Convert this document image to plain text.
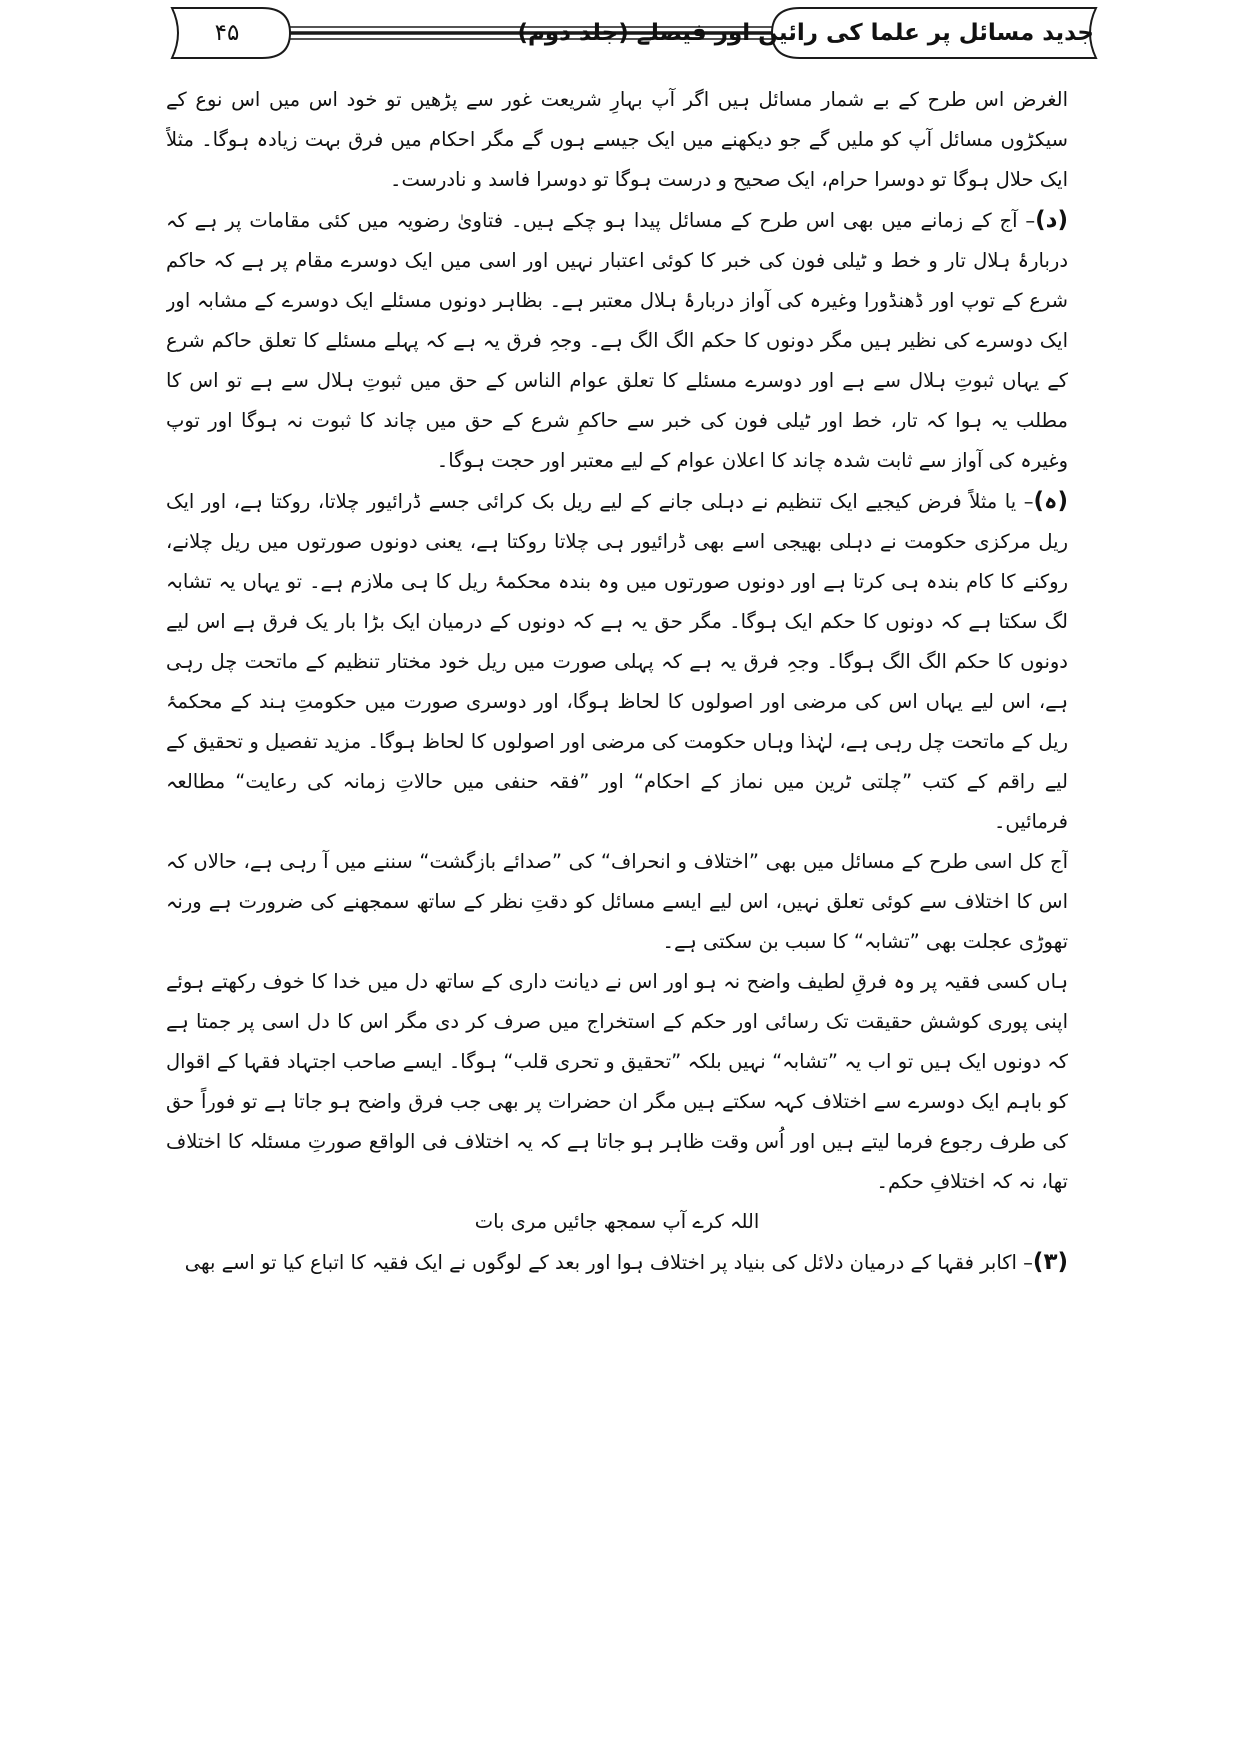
جدید مسائل پر علما کی رائیں اور فیصلے (جلد دوم)
۴۵

الغرض اس طرح کے بے شمار مسائل ہیں اگر آپ بہارِ شریعت غور سے پڑھیں تو خود اس میں اس نوع کے سیکڑوں مسائل آپ کو ملیں گے جو دیکھنے میں ایک جیسے ہوں گے مگر احکام میں فرق بہت زیادہ ہوگا۔ مثلاً ایک حلال ہوگا تو دوسرا حرام، ایک صحیح و درست ہوگا تو دوسرا فاسد و نادرست۔

(د)– آج کے زمانے میں بھی اس طرح کے مسائل پیدا ہو چکے ہیں۔ فتاویٰ رضویہ میں کئی مقامات پر ہے کہ دربارۂ ہلال تار و خط و ٹیلی فون کی خبر کا کوئی اعتبار نہیں اور اسی میں ایک دوسرے مقام پر ہے کہ حاکم شرع کے توپ اور ڈھنڈورا وغیرہ کی آواز دربارۂ ہلال معتبر ہے۔ بظاہر دونوں مسئلے ایک دوسرے کے مشابہ اور ایک دوسرے کی نظیر ہیں مگر دونوں کا حکم الگ الگ ہے۔ وجہِ فرق یہ ہے کہ پہلے مسئلے کا تعلق حاکم شرع کے یہاں ثبوتِ ہلال سے ہے اور دوسرے مسئلے کا تعلق عوام الناس کے حق میں ثبوتِ ہلال سے ہے تو اس کا مطلب یہ ہوا کہ تار، خط اور ٹیلی فون کی خبر سے حاکمِ شرع کے حق میں چاند کا ثبوت نہ ہوگا اور توپ وغیرہ کی آواز سے ثابت شدہ چاند کا اعلان عوام کے لیے معتبر اور حجت ہوگا۔

(ہ)– یا مثلاً فرض کیجیے ایک تنظیم نے دہلی جانے کے لیے ریل بک کرائی جسے ڈرائیور چلاتا، روکتا ہے، اور ایک ریل مرکزی حکومت نے دہلی بھیجی اسے بھی ڈرائیور ہی چلاتا روکتا ہے، یعنی دونوں صورتوں میں ریل چلانے، روکنے کا کام بندہ ہی کرتا ہے اور دونوں صورتوں میں وہ بندہ محکمۂ ریل کا ہی ملازم ہے۔ تو یہاں یہ تشابہ لگ سکتا ہے کہ دونوں کا حکم ایک ہوگا۔ مگر حق یہ ہے کہ دونوں کے درمیان ایک بڑا بار یک فرق ہے اس لیے دونوں کا حکم الگ الگ ہوگا۔ وجہِ فرق یہ ہے کہ پہلی صورت میں ریل خود مختار تنظیم کے ماتحت چل رہی ہے، اس لیے یہاں اس کی مرضی اور اصولوں کا لحاظ ہوگا، اور دوسری صورت میں حکومتِ ہند کے محکمۂ ریل کے ماتحت چل رہی ہے، لہٰذا وہاں حکومت کی مرضی اور اصولوں کا لحاظ ہوگا۔ مزید تفصیل و تحقیق کے لیے راقم کے کتب ”چلتی ٹرین میں نماز کے احکام“ اور ”فقہ حنفی میں حالاتِ زمانہ کی رعایت“ مطالعہ فرمائیں۔

آج کل اسی طرح کے مسائل میں بھی ”اختلاف و انحراف“ کی ”صدائے بازگشت“ سننے میں آ رہی ہے، حالاں کہ اس کا اختلاف سے کوئی تعلق نہیں، اس لیے ایسے مسائل کو دقتِ نظر کے ساتھ سمجھنے کی ضرورت ہے ورنہ تھوڑی عجلت بھی ”تشابہ“ کا سبب بن سکتی ہے۔

ہاں کسی فقیہ پر وہ فرقِ لطیف واضح نہ ہو اور اس نے دیانت داری کے ساتھ دل میں خدا کا خوف رکھتے ہوئے اپنی پوری کوشش حقیقت تک رسائی اور حکم کے استخراج میں صرف کر دی مگر اس کا دل اسی پر جمتا ہے کہ دونوں ایک ہیں تو اب یہ ”تشابہ“ نہیں بلکہ ”تحقیق و تحری قلب“ ہوگا۔ ایسے صاحب اجتہاد فقہا کے اقوال کو باہم ایک دوسرے سے اختلاف کہہ سکتے ہیں مگر ان حضرات پر بھی جب فرق واضح ہو جاتا ہے تو فوراً حق کی طرف رجوع فرما لیتے ہیں اور اُس وقت ظاہر ہو جاتا ہے کہ یہ اختلاف فی الواقع صورتِ مسئلہ کا اختلاف تھا، نہ کہ اختلافِ حکم۔

اللہ کرے آپ سمجھ جائیں مری بات

(۳)– اکابر فقہا کے درمیان دلائل کی بنیاد پر اختلاف ہوا اور بعد کے لوگوں نے ایک فقیہ کا اتباع کیا تو اسے بھی
